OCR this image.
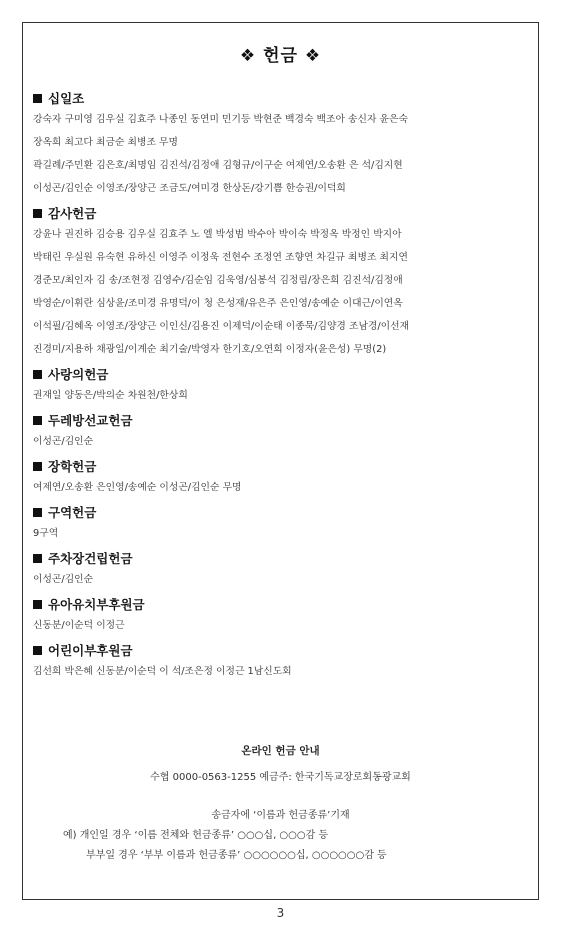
❖ 헌금 ❖
십일조
강숙자 구미영 김우실 김효주 나종인 동연미 민기등 박현준 백경숙 백조아 송신자 윤은숙
장옥희 최고다 최금순 최병조 무명
곽길례/주민환 김은호/최명임 김진석/김정애 김형규/이구순 여제연/오송환 은 석/김지현
이성곤/김인순 이영조/장양근 조금도/여미경 한상돈/강기쁨 한승권/이덕희
감사헌금
강윤나 권진하 김승용 김우실 김효주 노 엘 박성범 박수아 박이숙 박정옥 박정인 박지아
박태린 우실원 유숙현 유하신 이영주 이정욱 전현수 조정연 조향연 차길규 최병조 최지연
경준모/최인자 김 송/조현정 김영수/김순임 김욱영/심봉석 김정림/장은희 김진석/김정애
박영순/이휘란 심상윤/조미경 유명덕/이 청 은성재/유은주 은인영/송예순 이대근/이연옥
이석필/김혜옥 이영조/장양근 이인신/김용진 이제덕/이순태 이종묵/김양경 조남경/이선재
진경미/지용하 채광일/이계순 최기술/박영자 한기호/오연희 이정자(윤은성) 무명(2)
사랑의헌금
권재일 양동은/박의순 차원천/한상희
두레방선교헌금
이성곤/김인순
장학헌금
여제연/오송환 은인영/송예순 이성곤/김인순 무명
구역헌금
9구역
주차장건립헌금
이성곤/김인순
유아유치부후원금
신동분/이순덕 이정근
어린이부후원금
김선희 박은혜 신동분/이순덕 이 석/조은정 이정근 1남신도회
온라인 헌금 안내
수협 0000-0563-1255 예금주: 한국기독교장로회동광교회
송금자에 ‘이름과 헌금종류’기재
예) 개인일 경우 ‘이름 전체와 헌금종류’ ○○○십, ○○○감 등
부부일 경우 ‘부부 이름과 헌금종류’ ○○○○○○십, ○○○○○○감 등
3
